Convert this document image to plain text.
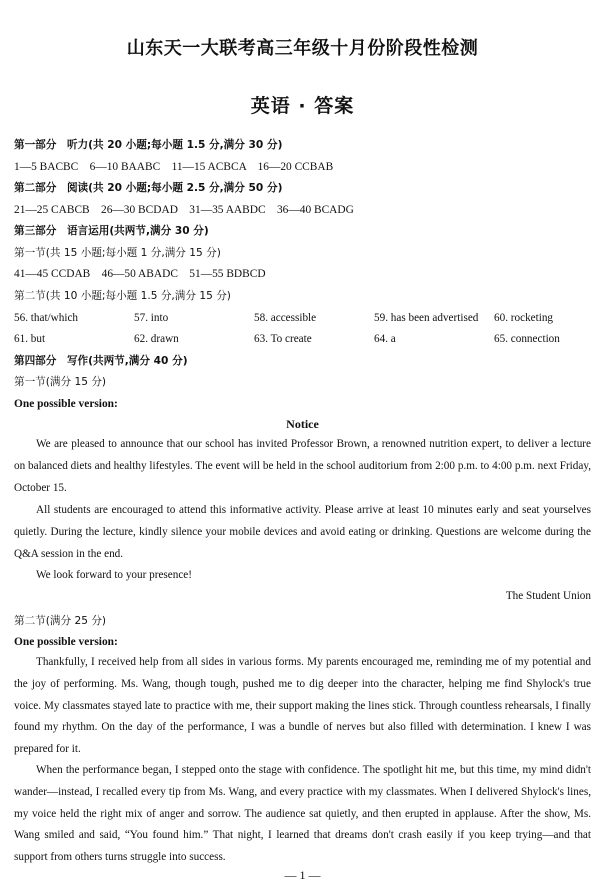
山东天一大联考高三年级十月份阶段性检测
英语 · 答案
第一部分　听力(共 20 小题;每小题 1.5 分,满分 30 分)
1—5 BACBC　6—10 BAABC　11—15 ACBCA　16—20 CCBAB
第二部分　阅读(共 20 小题;每小题 2.5 分,满分 50 分)
21—25 CABCB　26—30 BCDAD　31—35 AABDC　36—40 BCADG
第三部分　语言运用(共两节,满分 30 分)
第一节(共 15 小题;每小题 1 分,满分 15 分)
41—45 CCDAB　46—50 ABADC　51—55 BDBCD
第二节(共 10 小题;每小题 1.5 分,满分 15 分)
56. that/which	57. into	58. accessible	59. has been advertised 60. rocketing
61. but	62. drawn	63. To create	64. a	65. connection
第四部分　写作(共两节,满分 40 分)
第一节(满分 15 分)
One possible version:
Notice

We are pleased to announce that our school has invited Professor Brown, a renowned nutrition expert, to deliver a lecture on balanced diets and healthy lifestyles. The event will be held in the school auditorium from 2:00 p.m. to 4:00 p.m. next Friday, October 15.

All students are encouraged to attend this informative activity. Please arrive at least 10 minutes early and seat yourselves quietly. During the lecture, kindly silence your mobile devices and avoid eating or drinking. Questions are welcome during the Q&A session in the end.

We look forward to your presence!

The Student Union
第二节(满分 25 分)
One possible version:

Thankfully, I received help from all sides in various forms. My parents encouraged me, reminding me of my potential and the joy of performing. Ms. Wang, though tough, pushed me to dig deeper into the character, helping me find Shylock's true voice. My classmates stayed late to practice with me, their support making the lines stick. Through countless rehearsals, I finally found my rhythm. On the day of the performance, I was a bundle of nerves but also filled with determination. I knew I was prepared for it.

When the performance began, I stepped onto the stage with confidence. The spotlight hit me, but this time, my mind didn't wander—instead, I recalled every tip from Ms. Wang, and every practice with my classmates. When I delivered Shylock's lines, my voice held the right mix of anger and sorrow. The audience sat quietly, and then erupted in applause. After the show, Ms. Wang smiled and said, “You found him.” That night, I learned that dreams don't crash easily if you keep trying—and that support from others turns struggle into success.

— 1 —
